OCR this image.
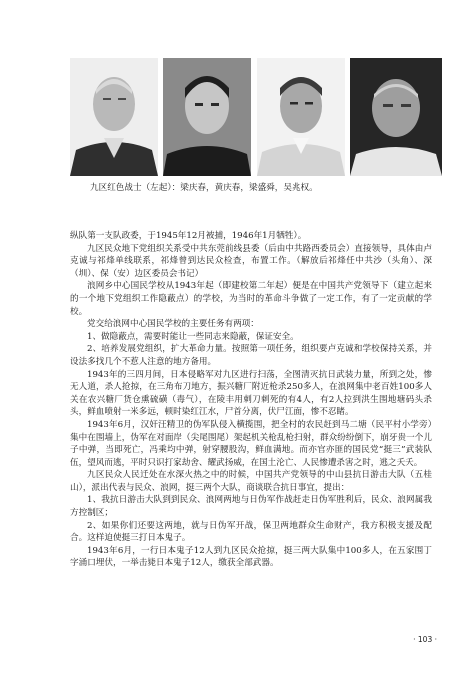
九区红色战士（左起）：梁庆春，黄庆春，梁盛舜，吴兆权。

纵队第一支队政委，于1945年12月被捕，1946年1月牺牲）。

九区民众地下党组织关系受中共东莞前线县委（后由中共路西委员会）直接领导，具体由卢克诚与祁烽单线联系，祁烽曾到达民众检查，布置工作。（解放后祁烽任中共沙（头角）、深（圳）、保（安）边区委员会书记）

浪网乡中心国民学校从1943年起（即建校第二年起）便是在中国共产党领导下（建立起来的一个地下党组织工作隐蔽点）的学校，为当时的革命斗争做了一定工作，有了一定贡献的学校。

党交给浪网中心国民学校的主要任务有两项：

1、做隐蔽点，需要时能让一些同志来隐蔽，保证安全。

2、培养发展党组织，扩大革命力量。按照第一项任务，组织要卢克诚和学校保持关系，并设法多找几个不惹人注意的地方备用。

1943年的三四月间，日本侵略军对九区进行扫荡，全图清灭抗日武装力量，所到之处，惨无人道，杀人抢掠，在三角布刀地方，振兴糖厂附近枪杀250多人，在浪网集中老百姓100多人关在农兴糖厂货仓熏硫磺（毒气），在陵丰用刺刀刺死的有4人，有2人拉到洪生围地塘码头杀头，鲜血喷射一米多远，顿时染红江水，尸首分离，伏尸江面，惨不忍睹。

1943年6月，汉奸汪精卫的伪军队侵入横揽围，把全村的农民赶到马二塘（民平村小学旁）集中在围墙上，伪军在对面岸（尖尾围尾）架起机关枪乱枪扫射，群众纷纷倒下，崩牙贵一个儿子中弹，当即死亡，冯乘均中弹，射穿腰股沟，鲜血满地。而亦官亦匪的国民党“挺三”武装队伍，望风而逃，平时只识打家劫舍、耀武扬威，在国土沦亡、人民惨遭杀害之时，逃之夭夭。

九区民众人民迁处在水深火热之中的时候，中国共产党领导的中山县抗日游击大队（五桂山），派出代表与民众、浪网，挺三两个大队，商谈联合抗日事宜，提出：

1、我抗日游击大队到到民众、浪网两地与日伪军作战赶走日伪军胜利后，民众、浪网属我方控制区；

2、如果你们还要这两地，就与日伪军开战，保卫两地群众生命财产，我方积极支援及配合。这样迫使挺三打日本鬼子。

1943年6月，一行日本鬼子12人到九区民众抢掠，挺三两大队集中100多人，在五家围丁字涌口埋伏，一举击毙日本鬼子12人，缴获全部武器。

· 103 ·
